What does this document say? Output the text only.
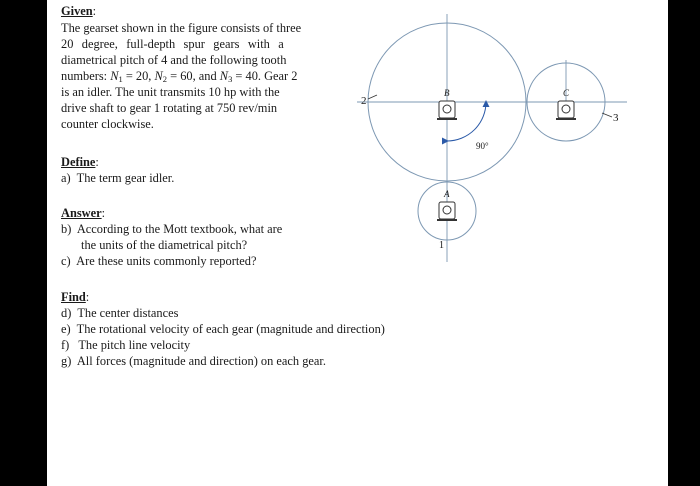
Given:
The gearset shown in the figure consists of three
20 degree, full-depth spur gears with a
diametrical pitch of 4 and the following tooth
numbers: $N_1 = 20$, $N_2 = 60$, and $N_3 = 40$. Gear 2
is an idler. The unit transmits 10 hp with the
drive shaft to gear 1 rotating at 750 rev/min
counter clockwise.
Define:
a) The term gear idler.
Answer:
b) According to the Mott textbook, what are
the units of the diametrical pitch?
c) Are these units commonly reported?
Find:
d) The center distances
e) The rotational velocity of each gear (magnitude and direction)
f) The pitch line velocity
g) All forces (magnitude and direction) on each gear.
2
3
1
B	C
A
90°
